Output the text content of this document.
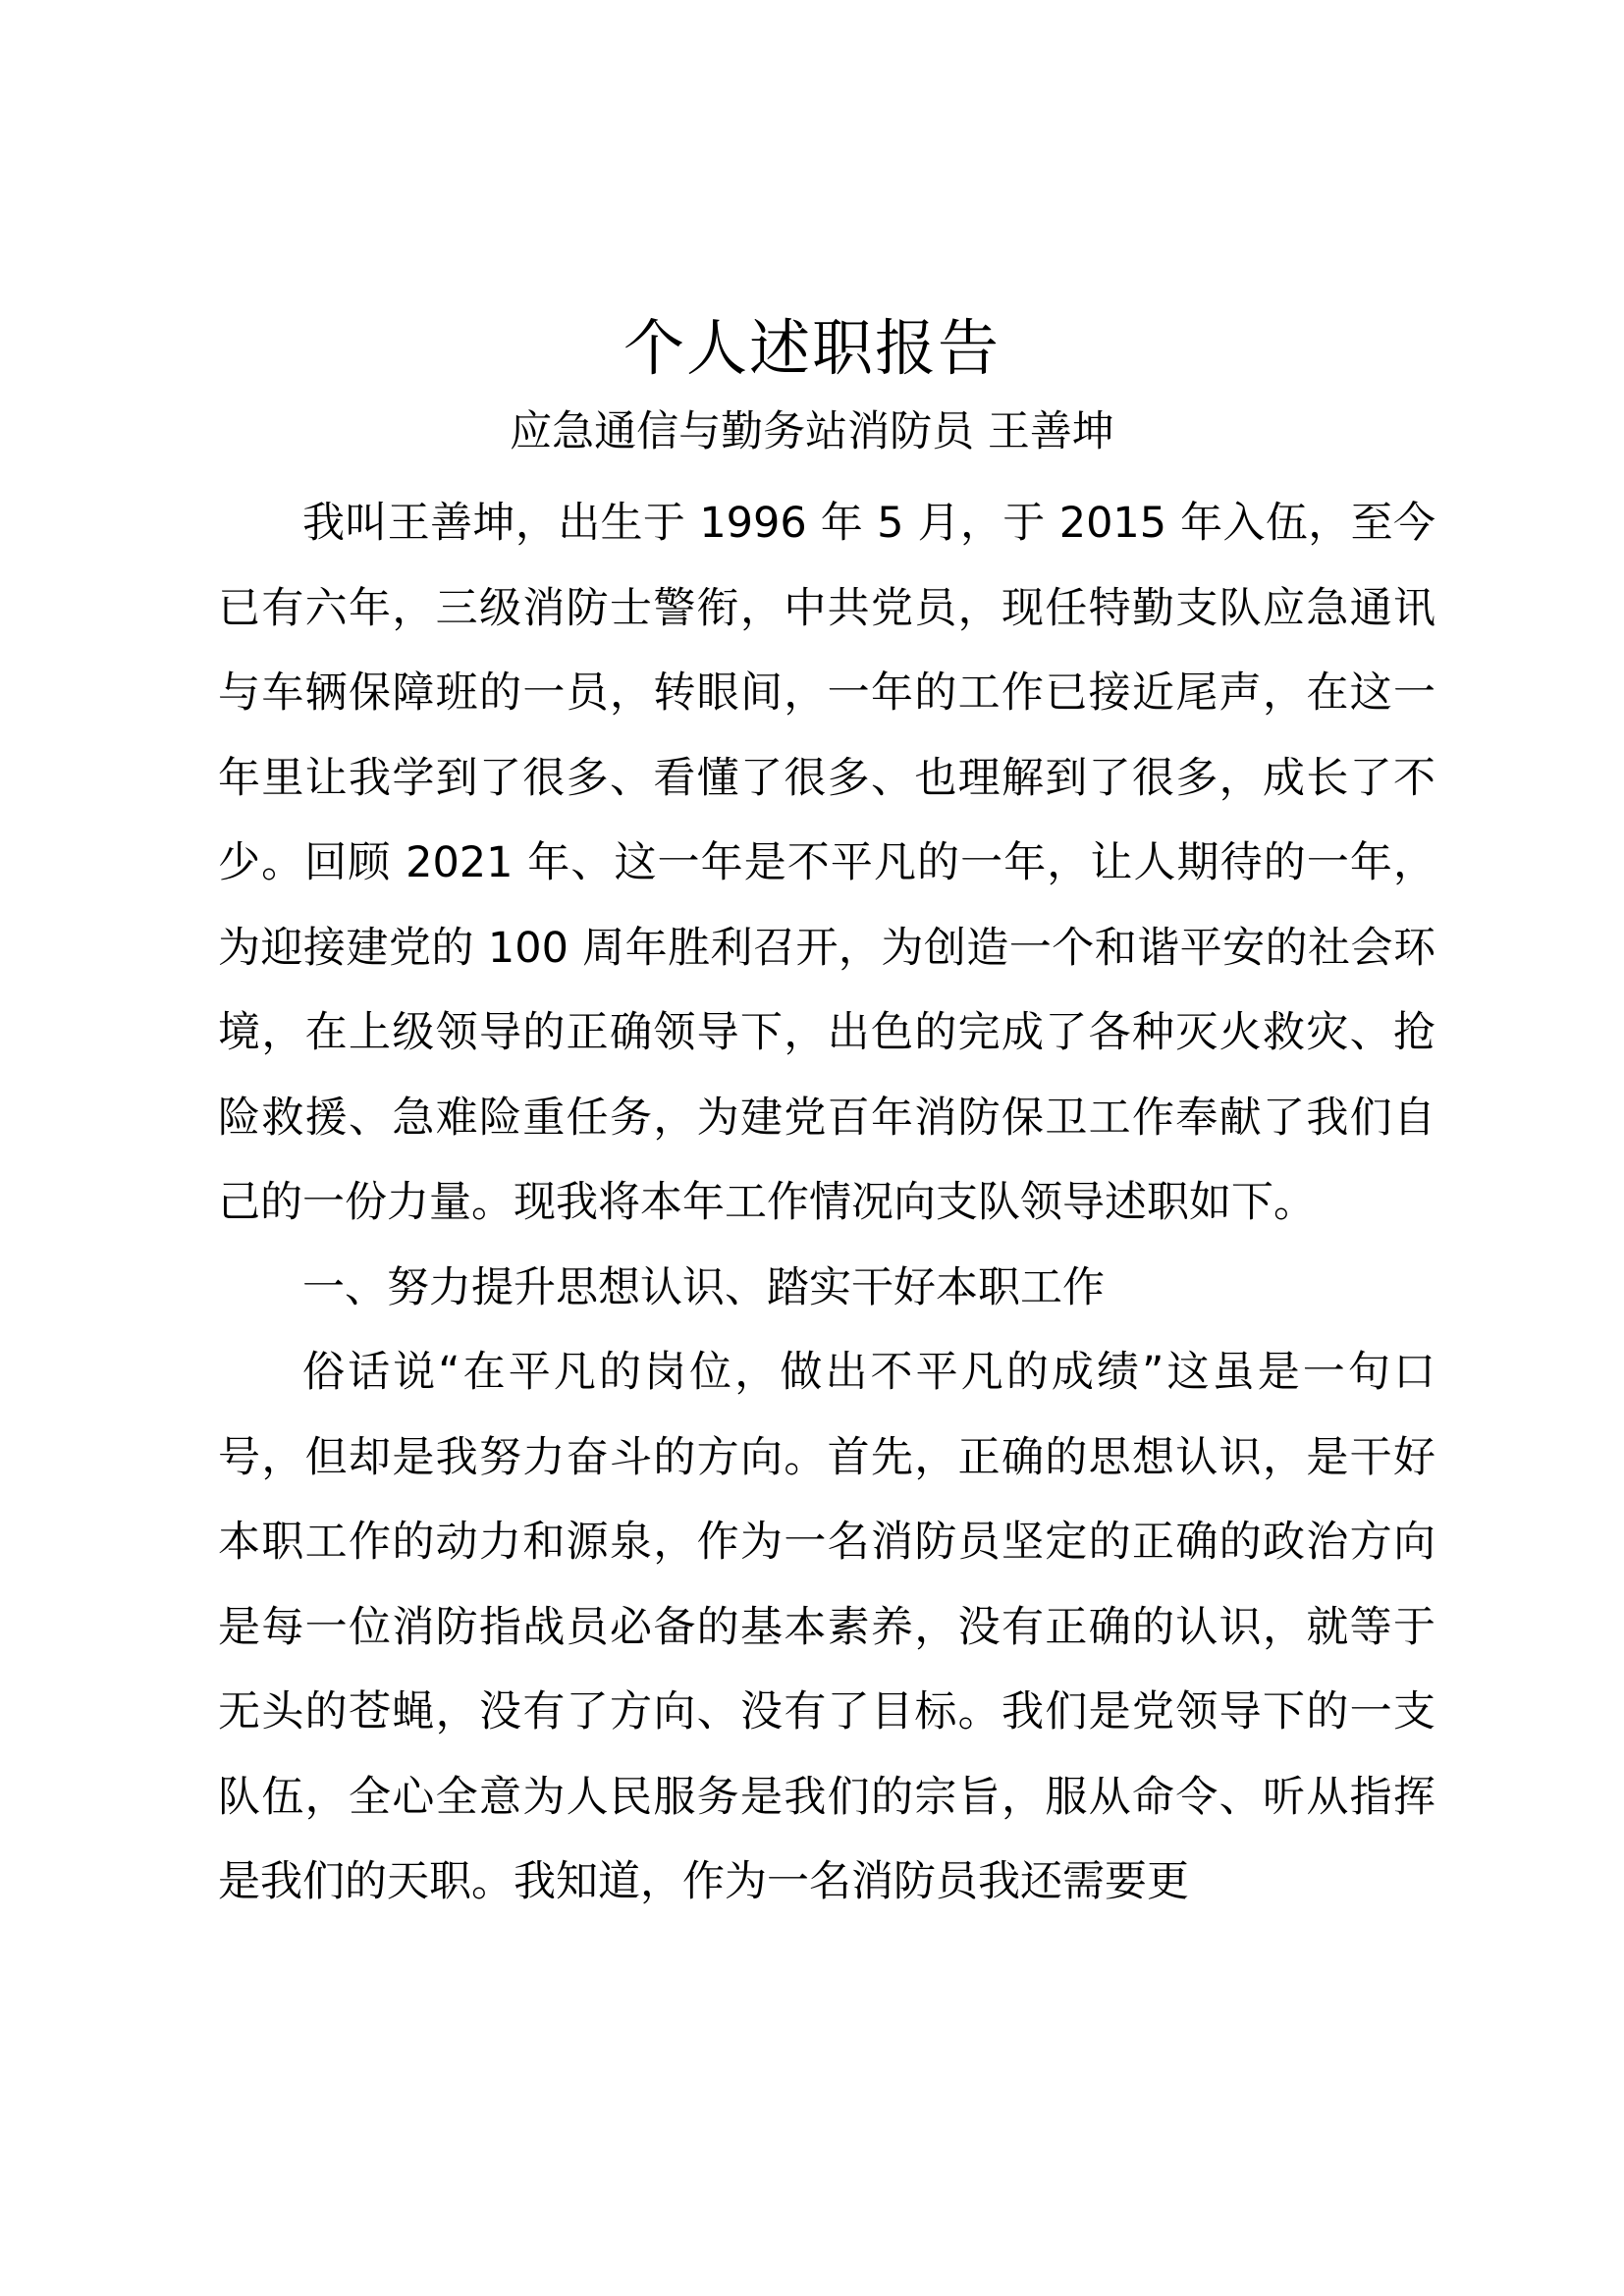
个人述职报告
应急通信与勤务站消防员 王善坤

我叫王善坤，出生于 1996 年 5 月，于 2015 年入伍，至今已有六年，三级消防士警衔，中共党员，现任特勤支队应急通讯与车辆保障班的一员，转眼间，一年的工作已接近尾声，在这一年里让我学到了很多、看懂了很多、也理解到了很多，成长了不少。回顾 2021 年、这一年是不平凡的一年，让人期待的一年，为迎接建党的 100 周年胜利召开，为创造一个和谐平安的社会环境，在上级领导的正确领导下，出色的完成了各种灭火救灾、抢险救援、急难险重任务，为建党百年消防保卫工作奉献了我们自己的一份力量。现我将本年工作情况向支队领导述职如下。

一、努力提升思想认识、踏实干好本职工作

俗话说“在平凡的岗位，做出不平凡的成绩”这虽是一句口号，但却是我努力奋斗的方向。首先，正确的思想认识，是干好本职工作的动力和源泉，作为一名消防员坚定的正确的政治方向是每一位消防指战员必备的基本素养，没有正确的认识，就等于无头的苍蝇，没有了方向、没有了目标。我们是党领导下的一支队伍，全心全意为人民服务是我们的宗旨，服从命令、听从指挥是我们的天职。我知道，作为一名消防员我还需要更
